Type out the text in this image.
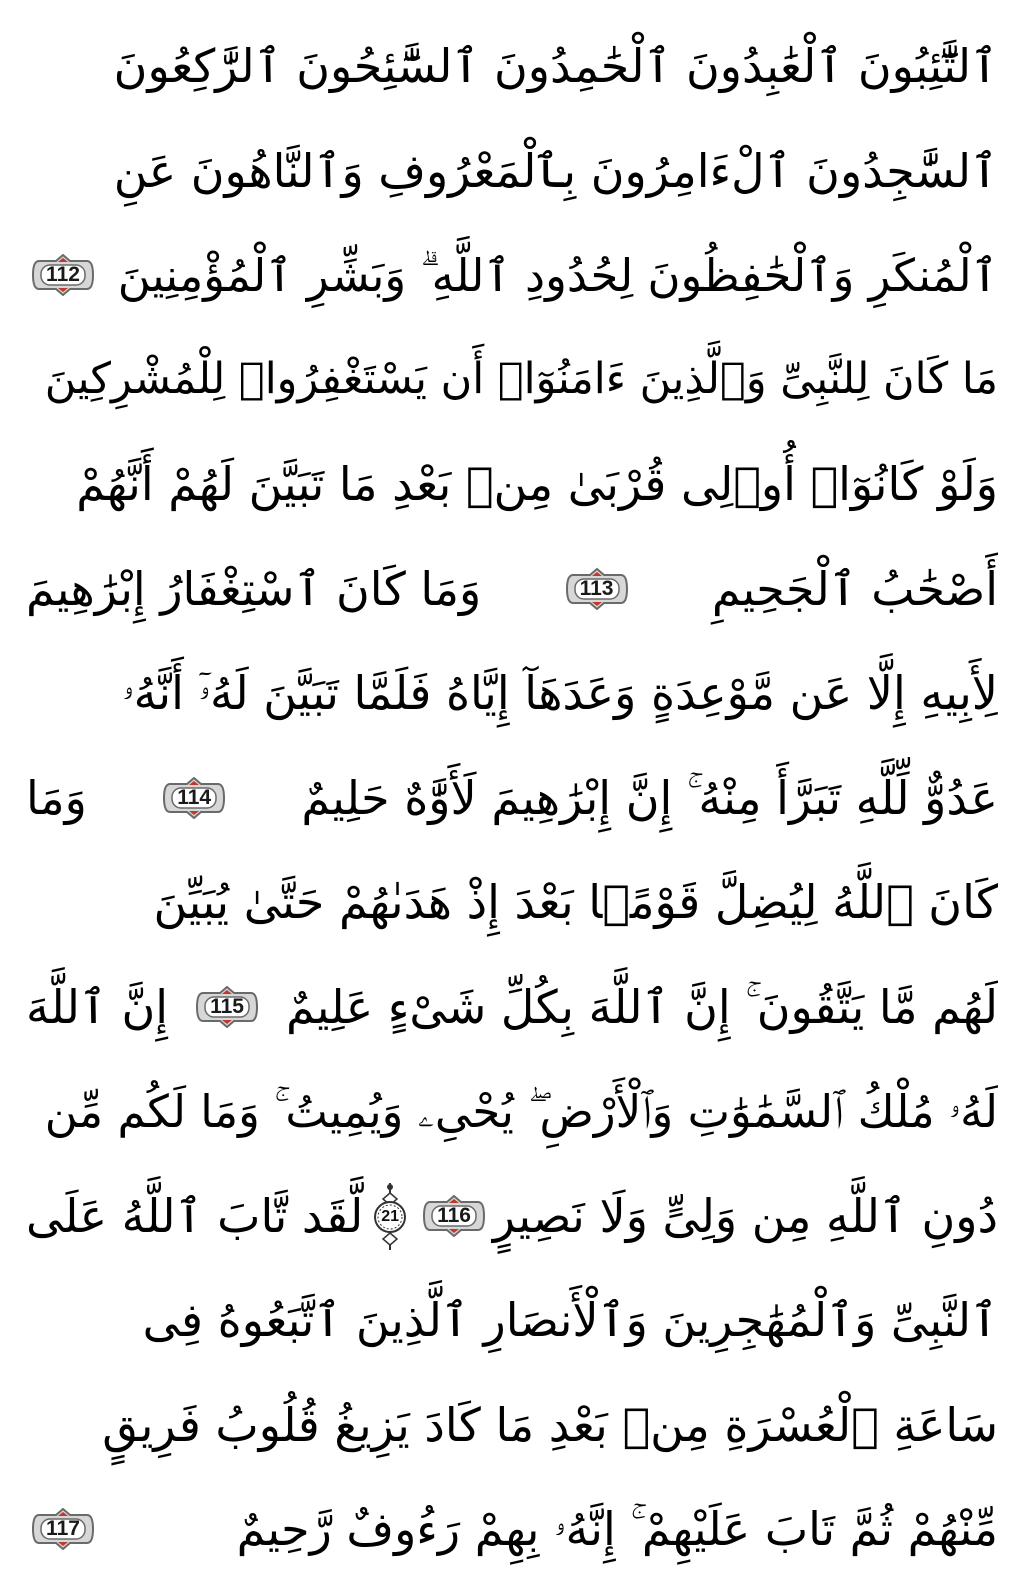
ٱلتَّٰٓئِبُونَ ٱلْعَٰبِدُونَ ٱلْحَٰمِدُونَ ٱلسَّٰٓئِحُونَ ٱلرَّٰكِعُونَ
ٱلسَّٰجِدُونَ ٱلْءَامِرُونَ بِٱلْمَعْرُوفِ وَٱلنَّاهُونَ عَنِ
ٱلْمُنكَرِ وَٱلْحَٰفِظُونَ لِحُدُودِ ٱللَّهِ ۗ وَبَشِّرِ ٱلْمُؤْمِنِينَ
112
مَا كَانَ لِلنَّبِىِّ وَٱلَّذِينَ ءَامَنُوٓا۟ أَن يَسْتَغْفِرُوا۟ لِلْمُشْرِكِينَ
وَلَوْ كَانُوٓا۟ أُو۟لِى قُرْبَىٰ مِنۢ بَعْدِ مَا تَبَيَّنَ لَهُمْ أَنَّهُمْ
أَصْحَٰبُ ٱلْجَحِيمِ
113
وَمَا كَانَ ٱسْتِغْفَارُ إِبْرَٰهِيمَ
لِأَبِيهِ إِلَّا عَن مَّوْعِدَةٍ وَعَدَهَآ إِيَّاهُ فَلَمَّا تَبَيَّنَ لَهُۥٓ أَنَّهُۥ
عَدُوٌّ لِّلَّهِ تَبَرَّأَ مِنْهُ ۚ إِنَّ إِبْرَٰهِيمَ لَأَوَّٰهٌ حَلِيمٌ
114
وَمَا
كَانَ ٱللَّهُ لِيُضِلَّ قَوْمًۢا بَعْدَ إِذْ هَدَىٰهُمْ حَتَّىٰ يُبَيِّنَ
لَهُم مَّا يَتَّقُونَ ۚ إِنَّ ٱللَّهَ بِكُلِّ شَىْءٍ عَلِيمٌ
115
إِنَّ ٱللَّهَ
لَهُۥ مُلْكُ ٱلسَّمَٰوَٰتِ وَٱلْأَرْضِ ۖ يُحْىِۦ وَيُمِيتُ ۚ وَمَا لَكُم مِّن
دُونِ ٱللَّهِ مِن وَلِىٍّ وَلَا نَصِيرٍ
116
21
لَّقَد تَّابَ ٱللَّهُ عَلَى
ٱلنَّبِىِّ وَٱلْمُهَٰجِرِينَ وَٱلْأَنصَارِ ٱلَّذِينَ ٱتَّبَعُوهُ فِى
سَاعَةِ ٱلْعُسْرَةِ مِنۢ بَعْدِ مَا كَادَ يَزِيغُ قُلُوبُ فَرِيقٍ
مِّنْهُمْ ثُمَّ تَابَ عَلَيْهِمْ ۚ إِنَّهُۥ بِهِمْ رَءُوفٌ رَّحِيمٌ
117
